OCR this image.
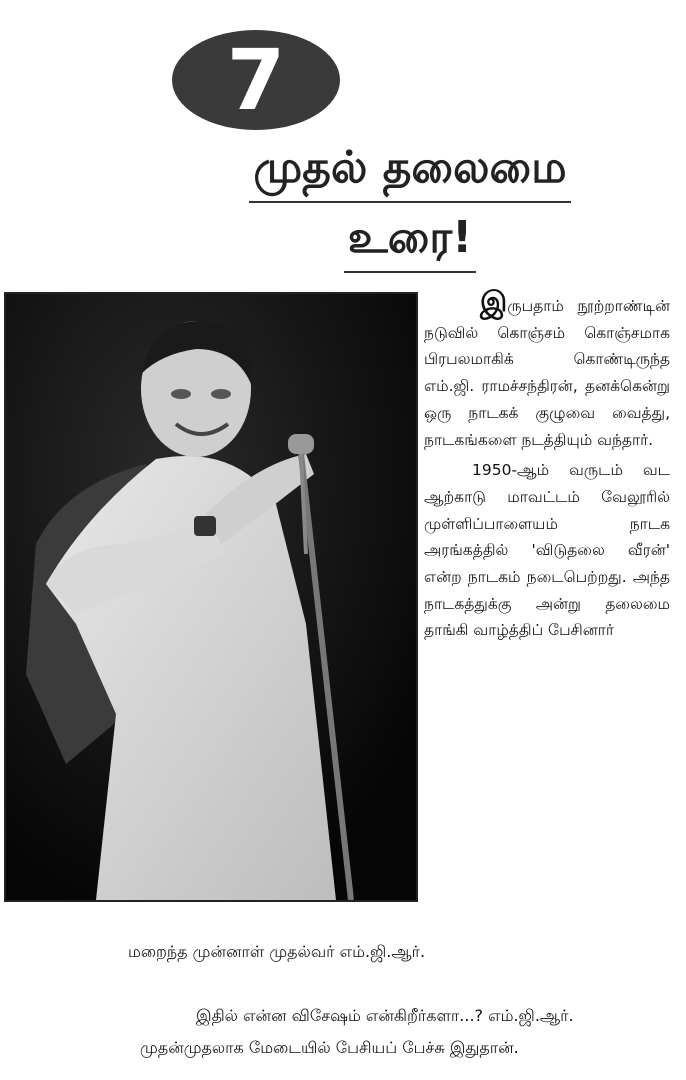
7
முதல் தலைமை
உரை!

இருபதாம் நூற்றாண்டின் நடுவில் கொஞ்சம் கொஞ்சமாக பிரபலமாகிக் கொண்டிருந்த எம்.ஜி. ராமச்சந்திரன், தனக்கென்று ஒரு நாடகக் குழுவை வைத்து, நாடகங்களை நடத்தியும் வந்தார்.

1950-ஆம் வருடம் வட ஆற்காடு மாவட்டம் வேலூரில் முள்ளிப்பாளையம் நாடக அரங்கத்தில் 'விடுதலை வீரன்' என்ற நாடகம் நடைபெற்றது. அந்த நாடகத்துக்கு அன்று தலைமை தாங்கி வாழ்த்திப் பேசினார்

மறைந்த முன்னாள் முதல்வர் எம்.ஜி.ஆர்.

இதில் என்ன விசேஷம் என்கிறீர்களா...? எம்.ஜி.ஆர். முதன்முதலாக மேடையில் பேசியப் பேச்சு இதுதான்.
